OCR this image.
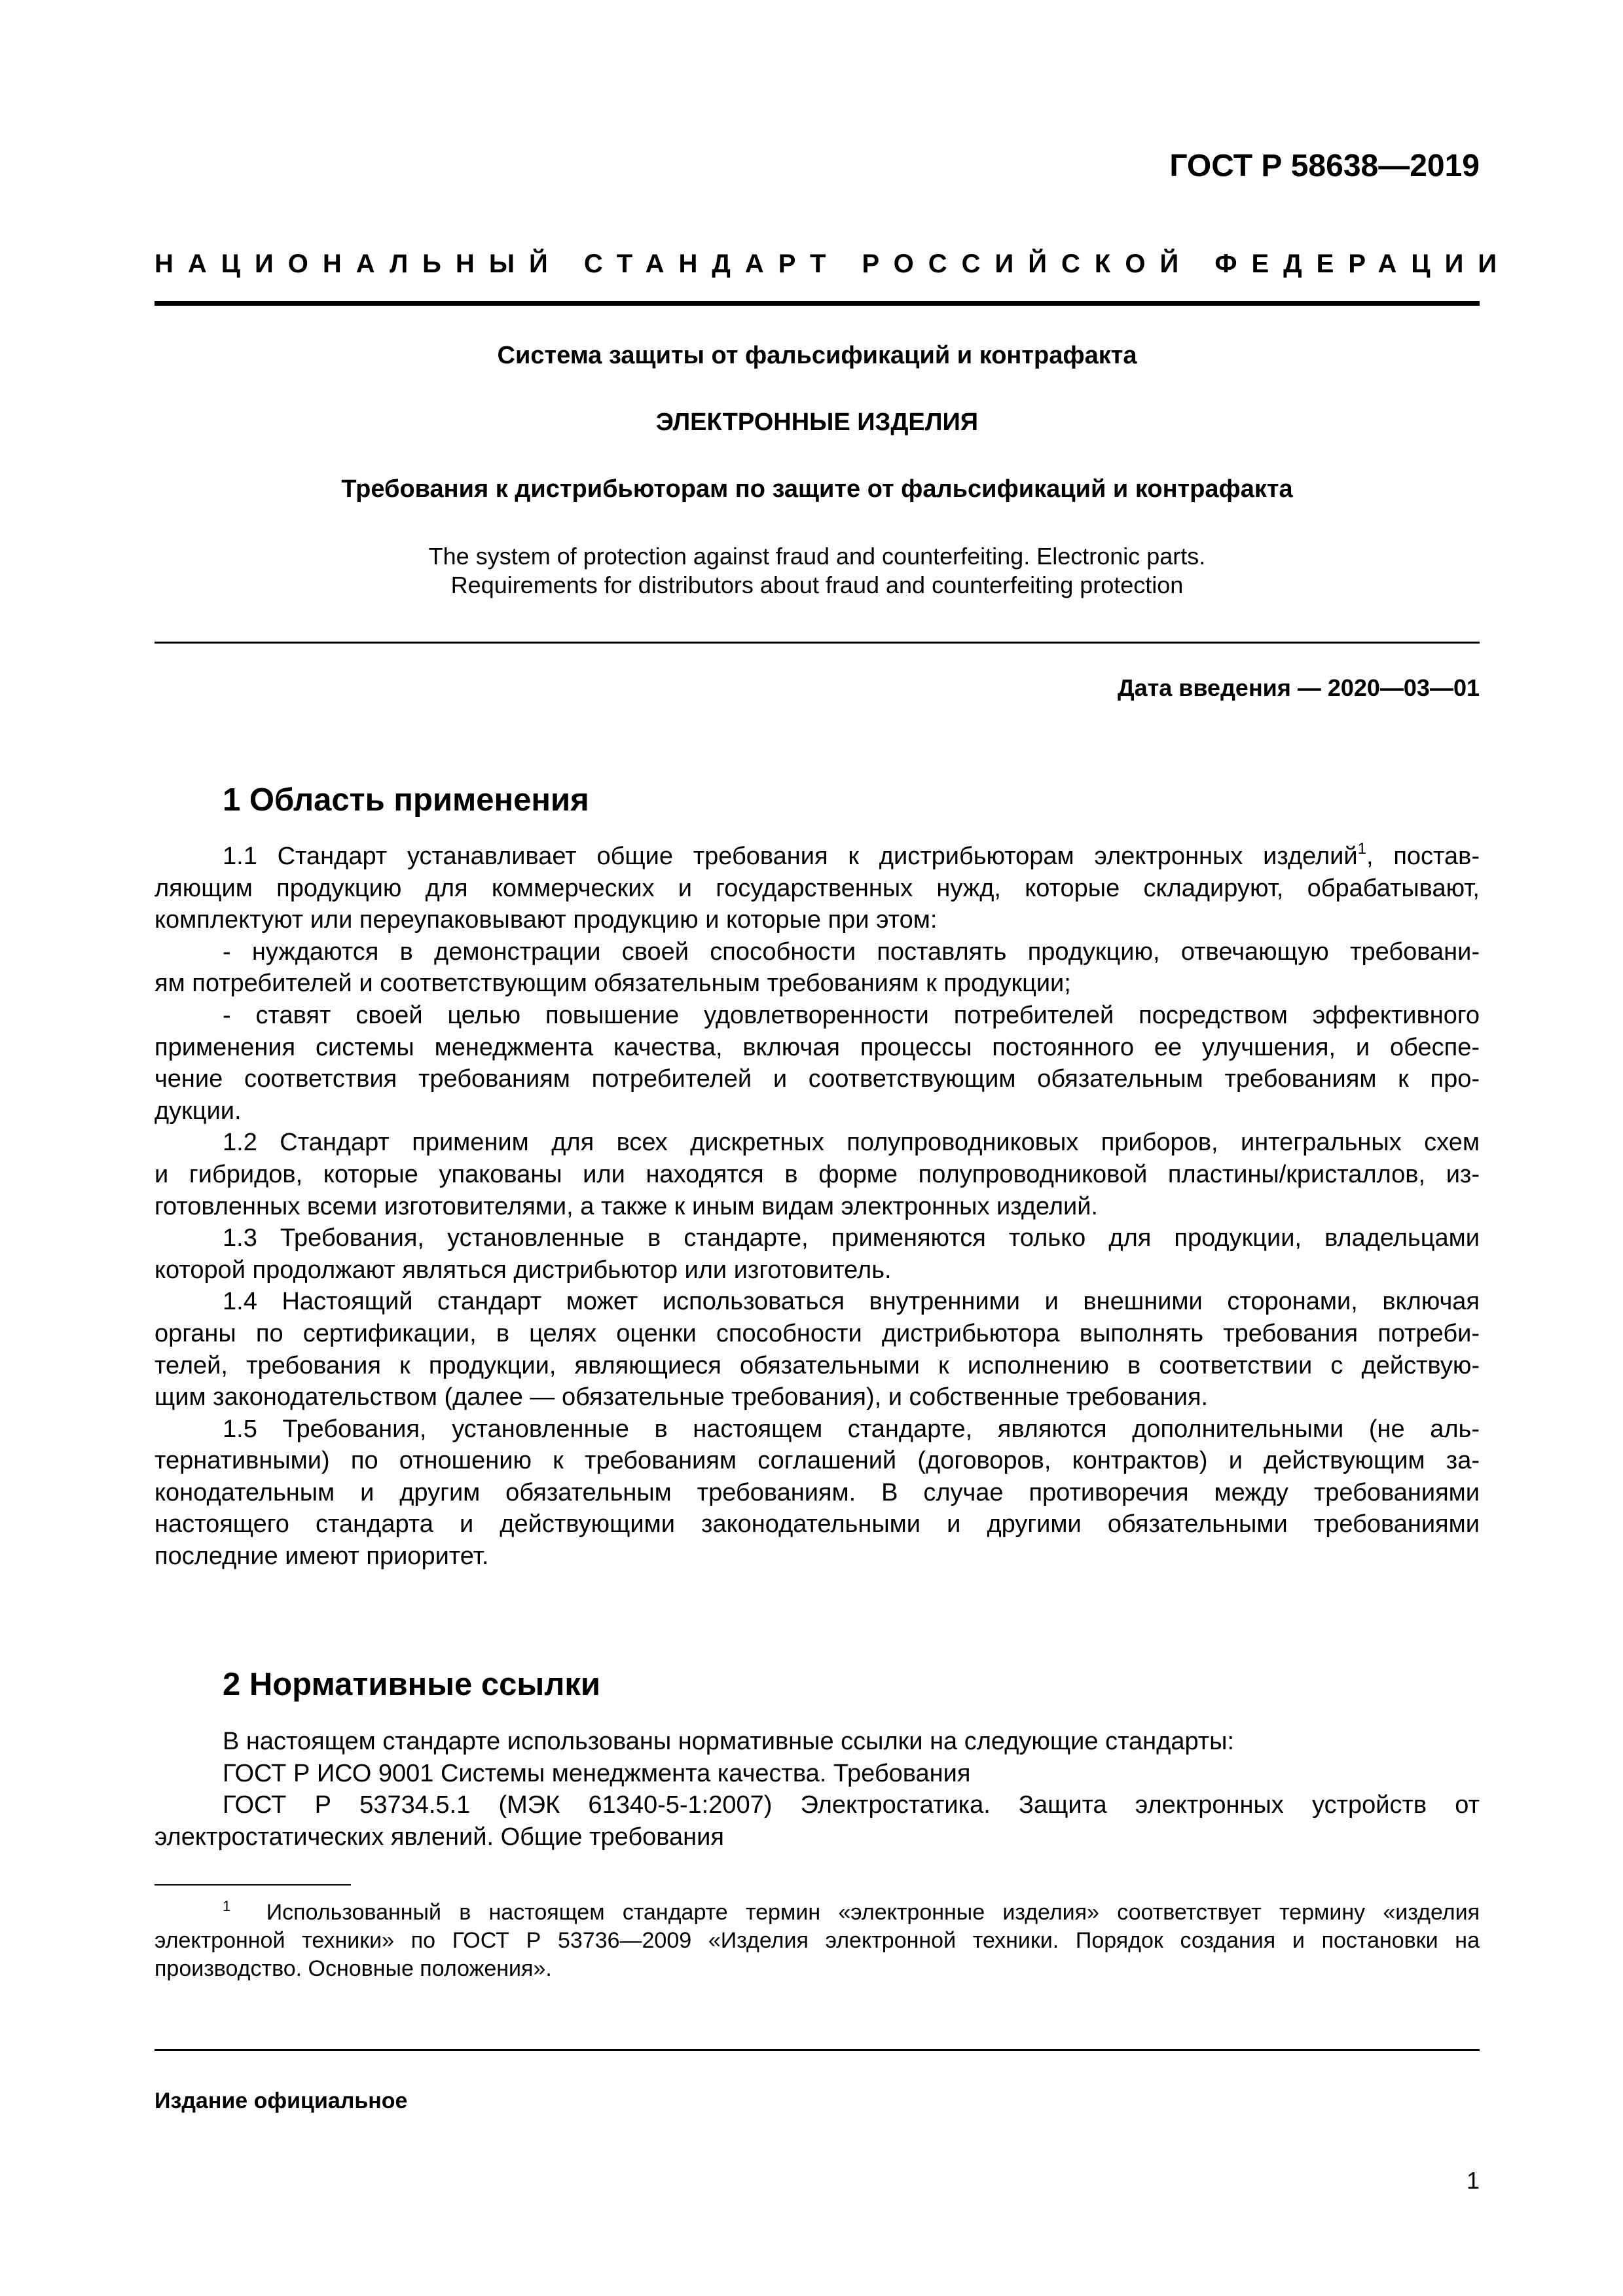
ГОСТ Р 58638—2019
НАЦИОНАЛЬНЫЙ СТАНДАРТ РОССИЙСКОЙ ФЕДЕРАЦИИ
Система защиты от фальсификаций и контрафакта
ЭЛЕКТРОННЫЕ ИЗДЕЛИЯ
Требования к дистрибьюторам по защите от фальсификаций и контрафакта
The system of protection against fraud and counterfeiting. Electronic parts.
Requirements for distributors about fraud and counterfeiting protection
Дата введения — 2020—03—01
1 Область применения
1.1 Стандарт устанавливает общие требования к дистрибьюторам электронных изделий$^1$, постав-
ляющим продукцию для коммерческих и государственных нужд, которые складируют, обрабатывают,
комплектуют или переупаковывают продукцию и которые при этом:
- нуждаются в демонстрации своей способности поставлять продукцию, отвечающую требовани-
ям потребителей и соответствующим обязательным требованиям к продукции;
- ставят своей целью повышение удовлетворенности потребителей посредством эффективного
применения системы менеджмента качества, включая процессы постоянного ее улучшения, и обеспе-
чение соответствия требованиям потребителей и соответствующим обязательным требованиям к про-
дукции.
1.2 Стандарт применим для всех дискретных полупроводниковых приборов, интегральных схем
и гибридов, которые упакованы или находятся в форме полупроводниковой пластины/кристаллов, из-
готовленных всеми изготовителями, а также к иным видам электронных изделий.
1.3 Требования, установленные в стандарте, применяются только для продукции, владельцами
которой продолжают являться дистрибьютор или изготовитель.
1.4 Настоящий стандарт может использоваться внутренними и внешними сторонами, включая
органы по сертификации, в целях оценки способности дистрибьютора выполнять требования потреби-
телей, требования к продукции, являющиеся обязательными к исполнению в соответствии с действую-
щим законодательством (далее — обязательные требования), и собственные требования.
1.5 Требования, установленные в настоящем стандарте, являются дополнительными (не аль-
тернативными) по отношению к требованиям соглашений (договоров, контрактов) и действующим за-
конодательным и другим обязательным требованиям. В случае противоречия между требованиями
настоящего стандарта и действующими законодательными и другими обязательными требованиями
последние имеют приоритет.
2 Нормативные ссылки
В настоящем стандарте использованы нормативные ссылки на следующие стандарты:
ГОСТ Р ИСО 9001 Системы менеджмента качества. Требования
ГОСТ Р 53734.5.1 (МЭК 61340-5-1:2007) Электростатика. Защита электронных устройств от
электростатических явлений. Общие требования
$^1$ Использованный в настоящем стандарте термин «электронные изделия» соответствует термину «изделия
электронной техники» по ГОСТ Р 53736—2009 «Изделия электронной техники. Порядок создания и постановки на
производство. Основные положения».
Издание официальное
1
